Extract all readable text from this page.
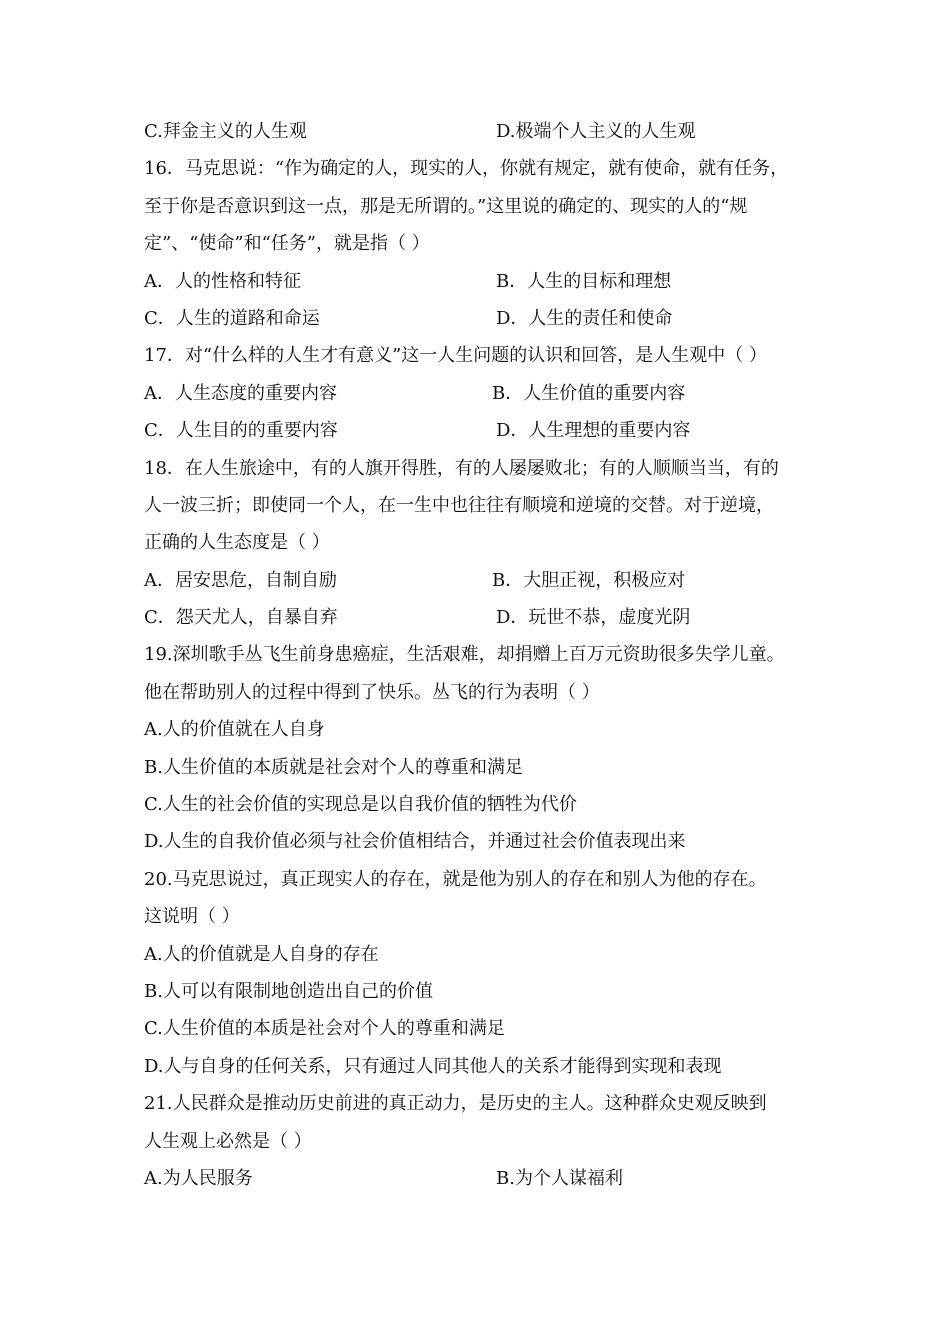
C.拜金主义的人生观	D.极端个人主义的人生观
16．马克思说：“作为确定的人，现实的人，你就有规定，就有使命，就有任务，
至于你是否意识到这一点，那是无所谓的。”这里说的确定的、现实的人的“规
定”、“使命”和“任务”，就是指（ ）
A．人的性格和特征	B．人生的目标和理想
C．人生的道路和命运	D．人生的责任和使命
17．对“什么样的人生才有意义”这一人生问题的认识和回答，是人生观中（ ）
A．人生态度的重要内容	B．人生价值的重要内容
C．人生目的的重要内容	D．人生理想的重要内容
18．在人生旅途中，有的人旗开得胜，有的人屡屡败北；有的人顺顺当当，有的
人一波三折；即使同一个人，在一生中也往往有顺境和逆境的交替。对于逆境，
正确的人生态度是（ ）
A．居安思危，自制自励	B．大胆正视，积极应对
C．怨天尤人，自暴自弃	D．玩世不恭，虚度光阴
19.深圳歌手丛飞生前身患癌症，生活艰难，却捐赠上百万元资助很多失学儿童。
他在帮助别人的过程中得到了快乐。丛飞的行为表明（ ）
A.人的价值就在人自身
B.人生价值的本质就是社会对个人的尊重和满足
C.人生的社会价值的实现总是以自我价值的牺牲为代价
D.人生的自我价值必须与社会价值相结合，并通过社会价值表现出来
20.马克思说过，真正现实人的存在，就是他为别人的存在和别人为他的存在。
这说明（ ）
A.人的价值就是人自身的存在
B.人可以有限制地创造出自己的价值
C.人生价值的本质是社会对个人的尊重和满足
D.人与自身的任何关系，只有通过人同其他人的关系才能得到实现和表现
21.人民群众是推动历史前进的真正动力，是历史的主人。这种群众史观反映到
人生观上必然是（ ）
A.为人民服务	B.为个人谋福利
